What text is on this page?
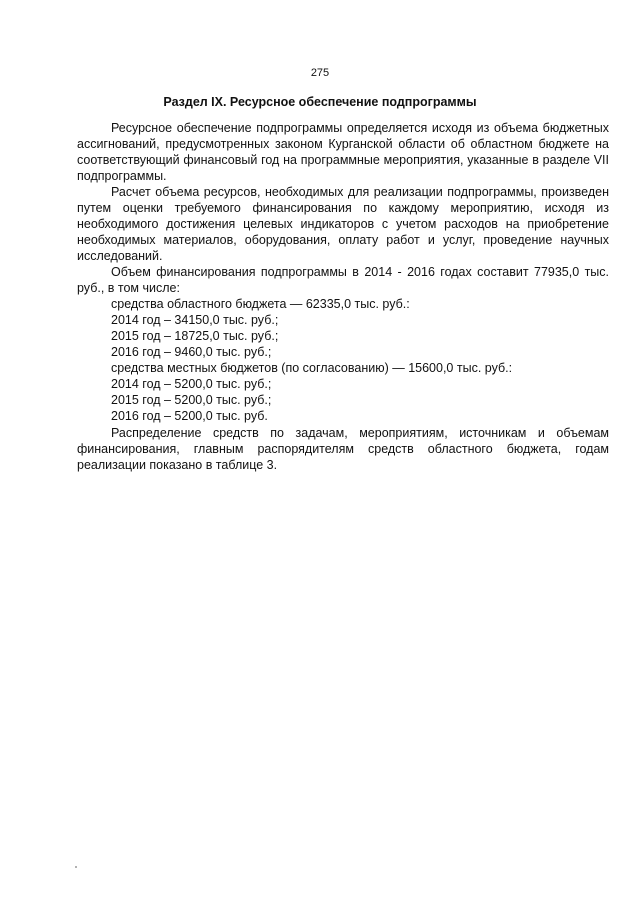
275
Раздел IX. Ресурсное обеспечение подпрограммы

Ресурсное обеспечение подпрограммы определяется исходя из объема бюджетных ассигнований, предусмотренных законом Курганской области об областном бюджете на соответствующий финансовый год на программные мероприятия, указанные в разделе VII подпрограммы.

Расчет объема ресурсов, необходимых для реализации подпрограммы, произведен путем оценки требуемого финансирования по каждому мероприятию, исходя из необходимого достижения целевых индикаторов с учетом расходов на приобретение необходимых материалов, оборудования, оплату работ и услуг, проведение научных исследований.

Объем финансирования подпрограммы в 2014 - 2016 годах составит 77935,0 тыс. руб., в том числе:

средства областного бюджета — 62335,0 тыс. руб.:

2014 год – 34150,0 тыс. руб.;

2015 год – 18725,0 тыс. руб.;

2016 год – 9460,0 тыс. руб.;

средства местных бюджетов (по согласованию) — 15600,0 тыс. руб.:

2014 год – 5200,0 тыс. руб.;

2015 год – 5200,0 тыс. руб.;

2016 год – 5200,0 тыс. руб.

Распределение средств по задачам, мероприятиям, источникам и объемам финансирования, главным распорядителям средств областного бюджета, годам реализации показано в таблице 3.
